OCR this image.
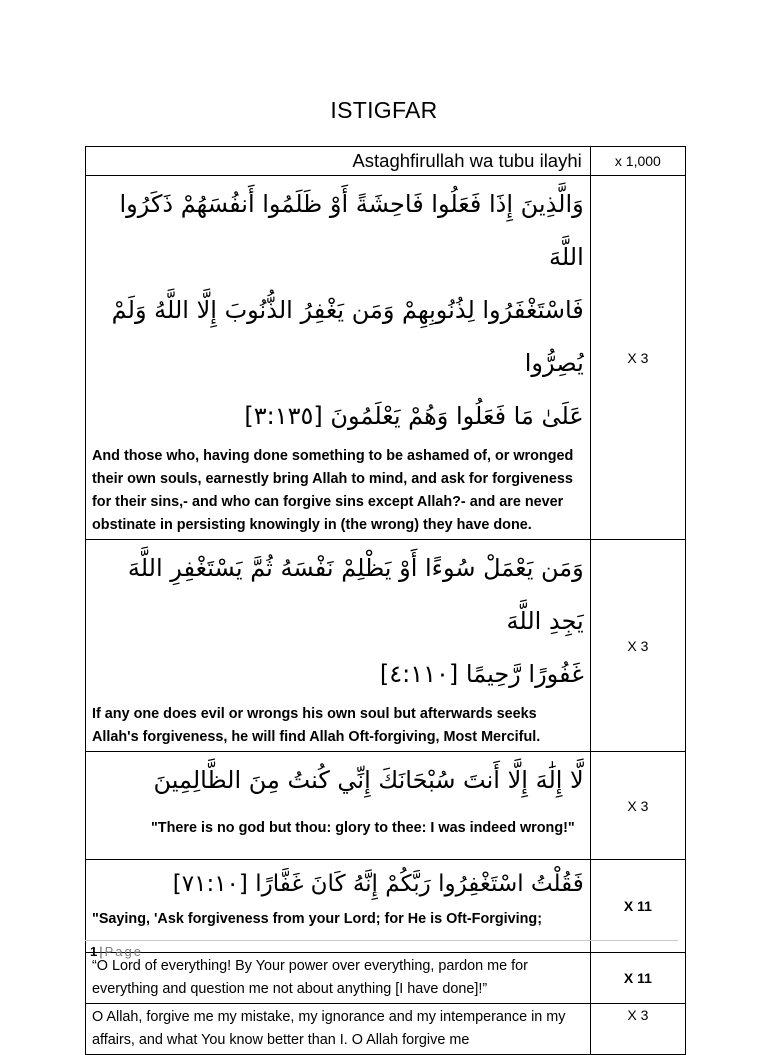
ISTIGFAR
Astaghfirullah wa tubu ilayhi	x 1,000

وَالَّذِينَ إِذَا فَعَلُوا فَاحِشَةً أَوْ ظَلَمُوا أَنفُسَهُمْ ذَكَرُوا اللَّهَ
فَاسْتَغْفَرُوا لِذُنُوبِهِمْ وَمَن يَغْفِرُ الذُّنُوبَ إِلَّا اللَّهُ وَلَمْ يُصِرُّوا
عَلَىٰ مَا فَعَلُوا وَهُمْ يَعْلَمُونَ [٣:١٣٥]
And those who, having done something to be ashamed of, or wronged their own souls, earnestly bring Allah to mind, and ask for forgiveness for their sins,- and who can forgive sins except Allah?- and are never obstinate in persisting knowingly in (the wrong) they have done.	X 3

وَمَن يَعْمَلْ سُوءًا أَوْ يَظْلِمْ نَفْسَهُ ثُمَّ يَسْتَغْفِرِ اللَّهَ يَجِدِ اللَّهَ
غَفُورًا رَّحِيمًا [٤:١١٠]
If any one does evil or wrongs his own soul but afterwards seeks Allah's forgiveness, he will find Allah Oft-forgiving, Most Merciful.	X 3

لَّا إِلَٰهَ إِلَّا أَنتَ سُبْحَانَكَ إِنِّي كُنتُ مِنَ الظَّالِمِينَ
"There is no god but thou: glory to thee: I was indeed wrong!"	X 3

فَقُلْتُ اسْتَغْفِرُوا رَبَّكُمْ إِنَّهُ كَانَ غَفَّارًا [٧١:١٠]
"Saying, 'Ask forgiveness from your Lord; for He is Oft-Forgiving;	X 11

“O Lord of everything! By Your power over everything, pardon me for everything and question me not about anything [I have done]!”	X 11

O Allah, forgive me my mistake, my ignorance and my intemperance in my affairs, and what You know better than I. O Allah forgive me	X 3
1 | Page
